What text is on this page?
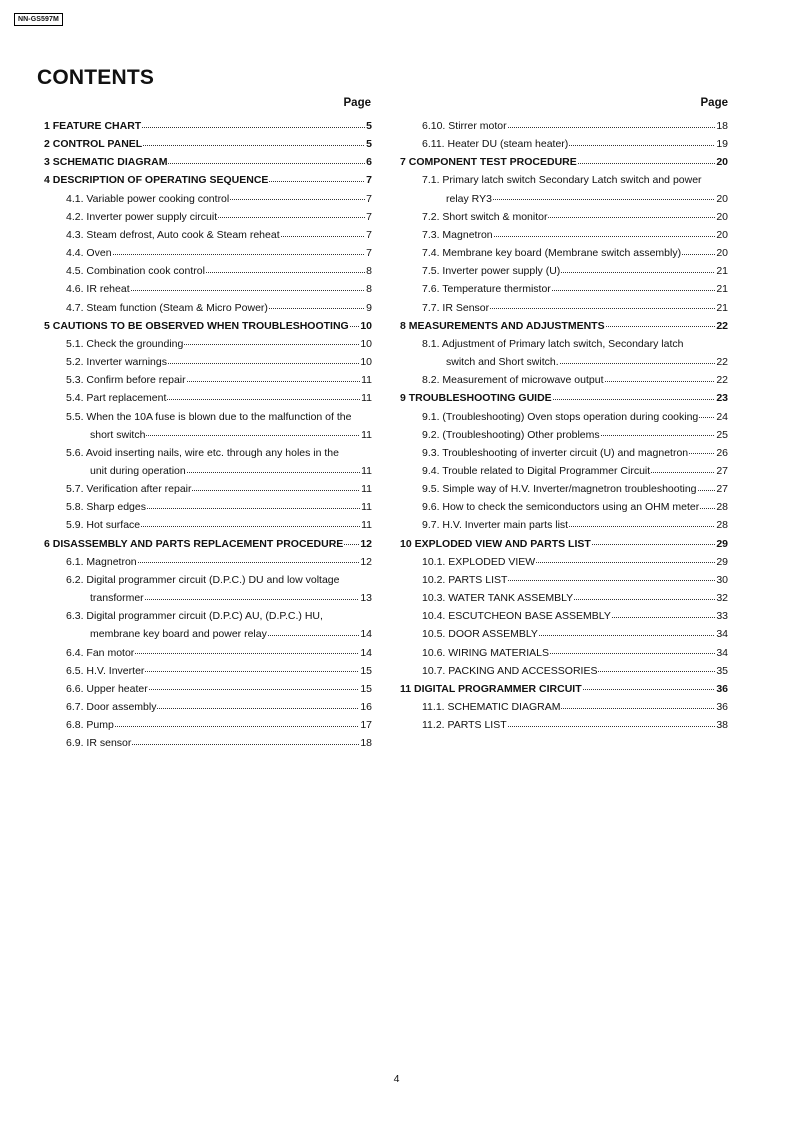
NN-GS597M
CONTENTS
Page
1 FEATURE CHART	5
2 CONTROL PANEL	5
3 SCHEMATIC DIAGRAM	6
4 DESCRIPTION OF OPERATING SEQUENCE	7
4.1. Variable power cooking control	7
4.2. Inverter power supply circuit	7
4.3. Steam defrost, Auto cook & Steam reheat	7
4.4. Oven	7
4.5. Combination cook control	8
4.6. IR reheat	8
4.7. Steam function (Steam & Micro Power)	9
5 CAUTIONS TO BE OBSERVED WHEN TROUBLESHOOTING 10
5.1. Check the grounding	10
5.2. Inverter warnings	10
5.3. Confirm before repair	11
5.4. Part replacement	11
5.5. When the 10A fuse is blown due to the malfunction of the
short switch	11
5.6. Avoid inserting nails, wire etc. through any holes in the
unit during operation	11
5.7. Verification after repair	11
5.8. Sharp edges	11
5.9. Hot surface	11
6 DISASSEMBLY AND PARTS REPLACEMENT PROCEDURE 12
6.1. Magnetron	12
6.2. Digital programmer circuit (D.P.C.) DU and low voltage
transformer	13
6.3. Digital programmer circuit (D.P.C) AU, (D.P.C.) HU,
membrane key board and power relay	14
6.4. Fan motor	14
6.5. H.V. Inverter	15
6.6. Upper heater	15
6.7. Door assembly	16
6.8. Pump	17
6.9. IR sensor	18
Page
6.10. Stirrer motor	18
6.11. Heater DU (steam heater)	19
7 COMPONENT TEST PROCEDURE	20
7.1. Primary latch switch Secondary Latch switch and power
relay RY3	20
7.2. Short switch & monitor	20
7.3. Magnetron	20
7.4. Membrane key board (Membrane switch assembly)	20
7.5. Inverter power supply (U)	21
7.6. Temperature thermistor	21
7.7. IR Sensor	21
8 MEASUREMENTS AND ADJUSTMENTS	22
8.1. Adjustment of Primary latch switch, Secondary latch
switch and Short switch.	22
8.2. Measurement of microwave output	22
9 TROUBLESHOOTING GUIDE	23
9.1. (Troubleshooting) Oven stops operation during cooking 24
9.2. (Troubleshooting) Other problems	25
9.3. Troubleshooting of inverter circuit (U) and magnetron	26
9.4. Trouble related to Digital Programmer Circuit	27
9.5. Simple way of H.V. Inverter/magnetron troubleshooting 27
9.6. How to check the semiconductors using an OHM meter 28
9.7. H.V. Inverter main parts list	28
10 EXPLODED VIEW AND PARTS LIST	29
10.1. EXPLODED VIEW	29
10.2. PARTS LIST	30
10.3. WATER TANK ASSEMBLY	32
10.4. ESCUTCHEON BASE ASSEMBLY	33
10.5. DOOR ASSEMBLY	34
10.6. WIRING MATERIALS	34
10.7. PACKING AND ACCESSORIES	35
11 DIGITAL PROGRAMMER CIRCUIT	36
11.1. SCHEMATIC DIAGRAM	36
11.2. PARTS LIST	38
4
